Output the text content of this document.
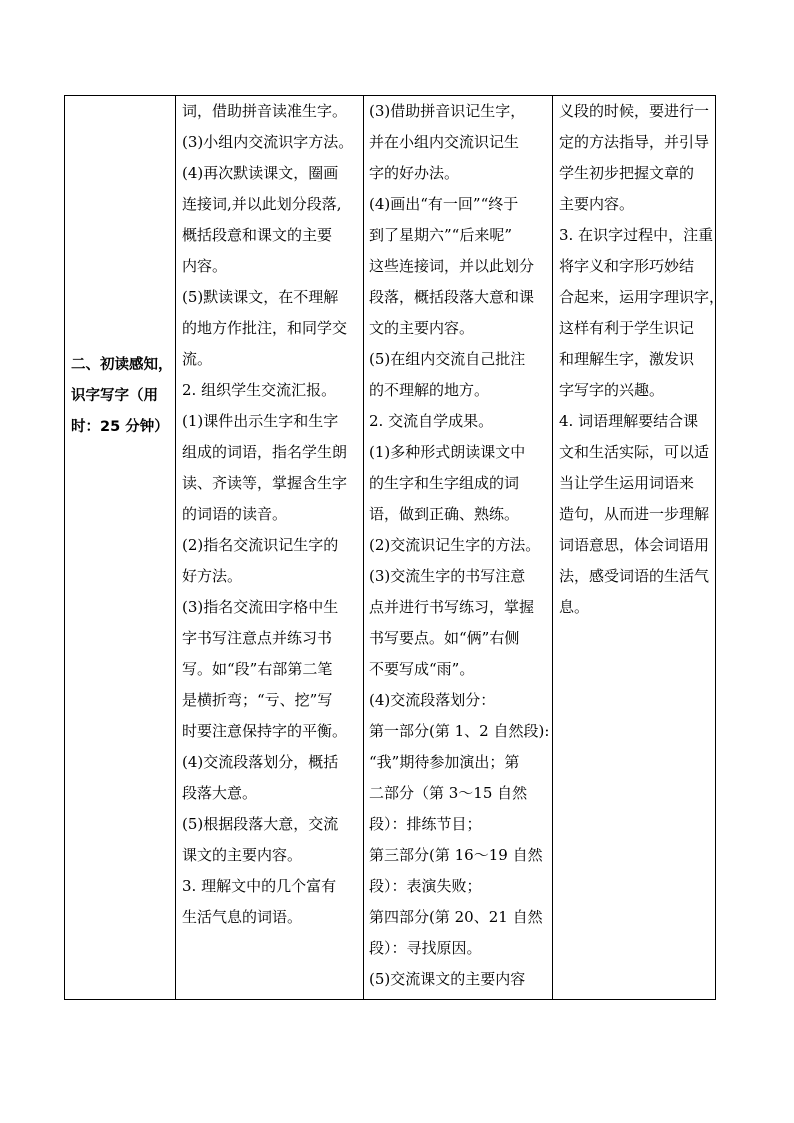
二、初读感知，
识字写字（用
时：25 分钟）
词，借助拼音读准生字。
(3)小组内交流识字方法。
(4)再次默读课文，圈画
连接词,并以此划分段落,
概括段意和课文的主要
内容。
(5)默读课文，在不理解
的地方作批注，和同学交
流。
2. 组织学生交流汇报。
(1)课件出示生字和生字
组成的词语，指名学生朗
读、齐读等，掌握含生字
的词语的读音。
(2)指名交流识记生字的
好方法。
(3)指名交流田字格中生
字书写注意点并练习书
写。如“段”右部第二笔
是横折弯；“亏、挖”写
时要注意保持字的平衡。
(4)交流段落划分，概括
段落大意。
(5)根据段落大意，交流
课文的主要内容。
3. 理解文中的几个富有
生活气息的词语。
(3)借助拼音识记生字，
并在小组内交流识记生
字的好办法。
(4)画出“有一回”“终于
到了星期六”“后来呢”
这些连接词，并以此划分
段落，概括段落大意和课
文的主要内容。
(5)在组内交流自己批注
的不理解的地方。
2. 交流自学成果。
(1)多种形式朗读课文中
的生字和生字组成的词
语，做到正确、熟练。
(2)交流识记生字的方法。
(3)交流生字的书写注意
点并进行书写练习，掌握
书写要点。如“俩”右侧
不要写成“雨”。
(4)交流段落划分：
第一部分(第 1、2 自然段):
“我”期待参加演出；第
二部分（第 3～15 自然
段）：排练节目；
第三部分(第 16～19 自然
段）：表演失败；
第四部分(第 20、21 自然
段）：寻找原因。
(5)交流课文的主要内容
义段的时候，要进行一
定的方法指导，并引导
学生初步把握文章的
主要内容。
3. 在识字过程中，注重
将字义和字形巧妙结
合起来，运用字理识字，
这样有利于学生识记
和理解生字，激发识
字写字的兴趣。
4. 词语理解要结合课
文和生活实际，可以适
当让学生运用词语来
造句，从而进一步理解
词语意思，体会词语用
法，感受词语的生活气
息。
